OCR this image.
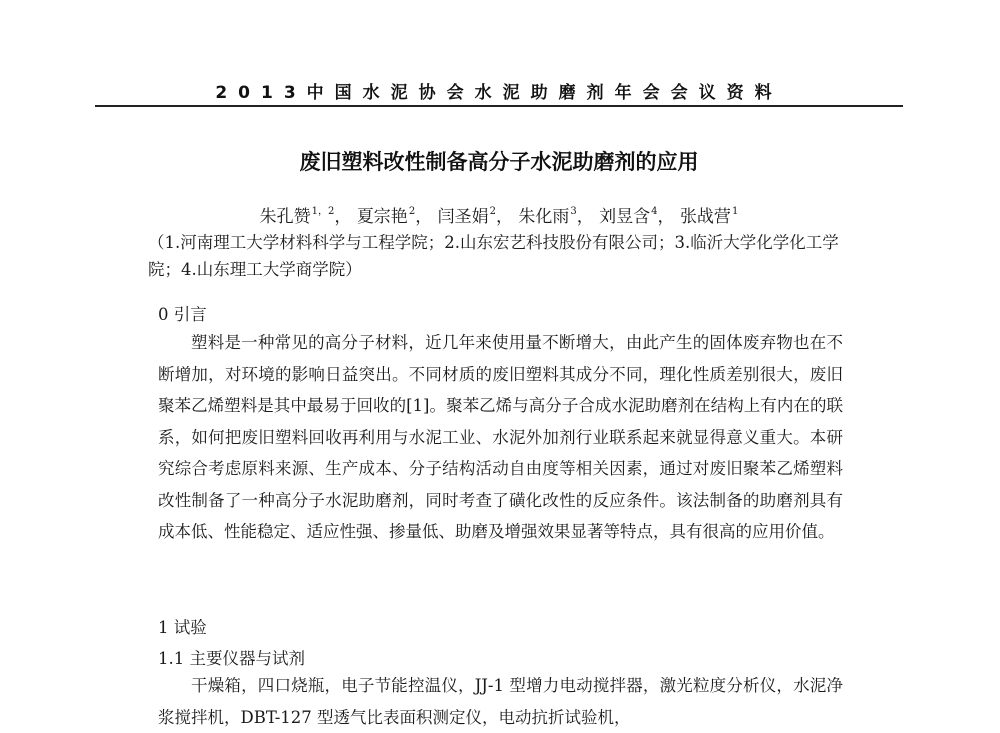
2013中国水泥协会水泥助磨剂年会会议资料
废旧塑料改性制备高分子水泥助磨剂的应用
朱孔赞$^{1,2}$， 夏宗艳$^2$， 闫圣娟$^2$， 朱化雨$^3$， 刘昱含$^4$， 张战营$^1$
（1.河南理工大学材料科学与工程学院；2.山东宏艺科技股份有限公司；3.临沂大学化学化工学院；4.山东理工大学商学院）
0 引言
塑料是一种常见的高分子材料，近几年来使用量不断增大，由此产生的固体废弃物也在不断增加，对环境的影响日益突出。不同材质的废旧塑料其成分不同，理化性质差别很大，废旧聚苯乙烯塑料是其中最易于回收的[1]。聚苯乙烯与高分子合成水泥助磨剂在结构上有内在的联系，如何把废旧塑料回收再利用与水泥工业、水泥外加剂行业联系起来就显得意义重大。本研究综合考虑原料来源、生产成本、分子结构活动自由度等相关因素，通过对废旧聚苯乙烯塑料改性制备了一种高分子水泥助磨剂，同时考查了磺化改性的反应条件。该法制备的助磨剂具有成本低、性能稳定、适应性强、掺量低、助磨及增强效果显著等特点，具有很高的应用价值。
1 试验
1.1 主要仪器与试剂
干燥箱，四口烧瓶，电子节能控温仪，JJ-1 型增力电动搅拌器，激光粒度分析仪，水泥净浆搅拌机，DBT-127 型透气比表面积测定仪，电动抗折试验机，
